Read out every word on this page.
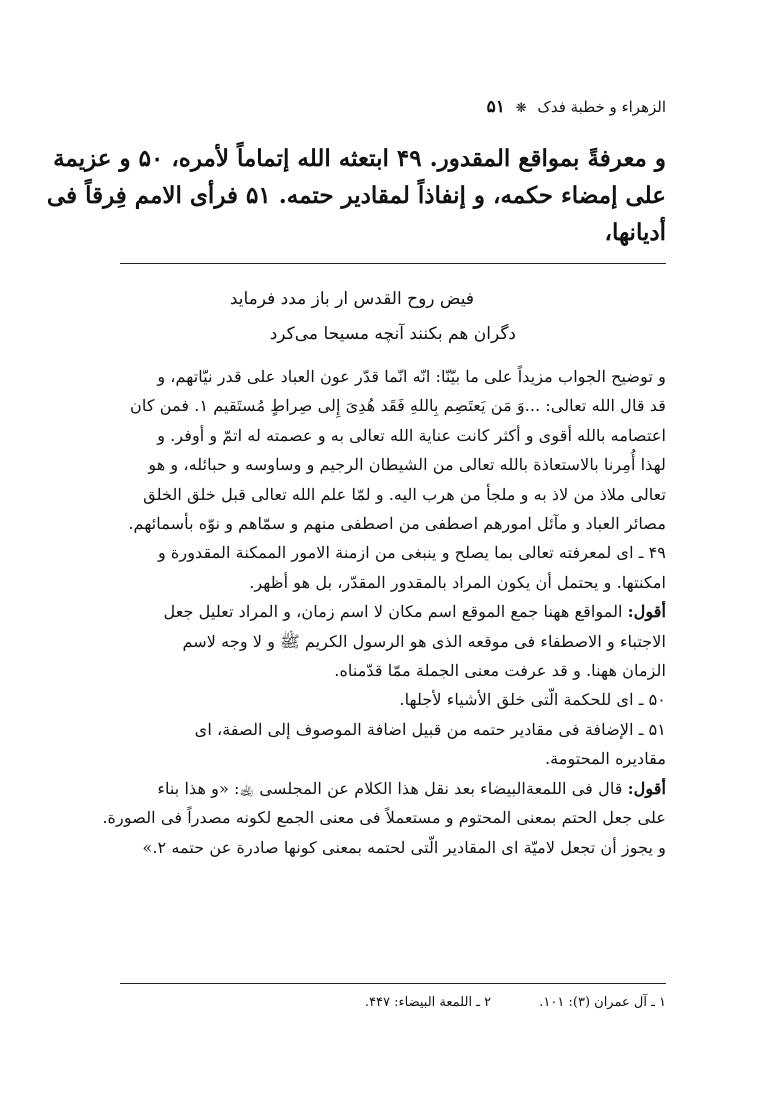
الزهراء و خطبة فدک ❋ ۵۱

و معرفةً بمواقع المقدور. ۴۹ ابتعثه الله إتماماً لأمره، ۵۰ و عزيمة

على إمضاء حكمه، و إنفاذاً لمقادير حتمه. ۵۱ فرأى الامم فِرقاً فى

أديانها،

فيض روح القدس ار باز مدد فرمايد
دگران هم بكنند آنچه مسيحا مى‌كرد

و توضيح الجواب مزيداً على ما بيّنّا: انّه انّما قدّر عون العباد على قدر نيّاتهم، و

قد قال الله تعالى: ...وَ مَن يَعتَصِم بِاللهِ فَقَد هُدِىَ إِلى صِراطٍ مُستَقيم ١. فمن كان

اعتصامه بالله أقوى و أكثر كانت عناية الله تعالى به و عصمته له اتمّ و أوفر. و

لهذا أُمِرنا بالاستعاذة بالله تعالى من الشيطان الرجيم و وساوسه و حبائله، و هو

تعالى ملاذ من لاذ به و ملجأ من هرب اليه. و لمّا علم الله تعالى قبل خلق الخلق

مصائر العباد و مآئل امورهم اصطفى من اصطفى منهم و سمّاهم و نوّه بأسمائهم.

۴۹ ـ اى لمعرفته تعالى بما يصلح و ينبغى من ازمنة الامور الممكنة المقدورة و

امكنتها. و يحتمل أن يكون المراد بالمقدور المقدّر، بل هو أظهر.

أقول: المواقع ههنا جمع الموقع اسم مكان لا اسم زمان، و المراد تعليل جعل

الاجتباء و الاصطفاء فى موقعه الذى هو الرسول الكريم ﷺ و لا وجه لاسم

الزمان ههنا. و قد عرفت معنى الجملة ممّا قدّمناه.

۵۰ ـ اى للحكمة الّتى خلق الأشياء لأجلها.

۵۱ ـ الإضافة فى مقادير حتمه من قبيل اضافة الموصوف إلى الصفة، اى

مقاديره المحتومة.

أقول: قال فى اللمعةالبيضاء بعد نقل هذا الكلام عن المجلسى ﵀: «و هذا بناء

على جعل الحتم بمعنى المحتوم و مستعملاً فى معنى الجمع لكونه مصدراً فى الصورة.

و يجوز أن تجعل لاميّة اى المقادير الّتى لحتمه بمعنى كونها صادرة عن حتمه ٢.»

١ ـ آل عمران (٣): ١٠١. ٢ ـ اللمعة البيضاء: ۴۴٧.
